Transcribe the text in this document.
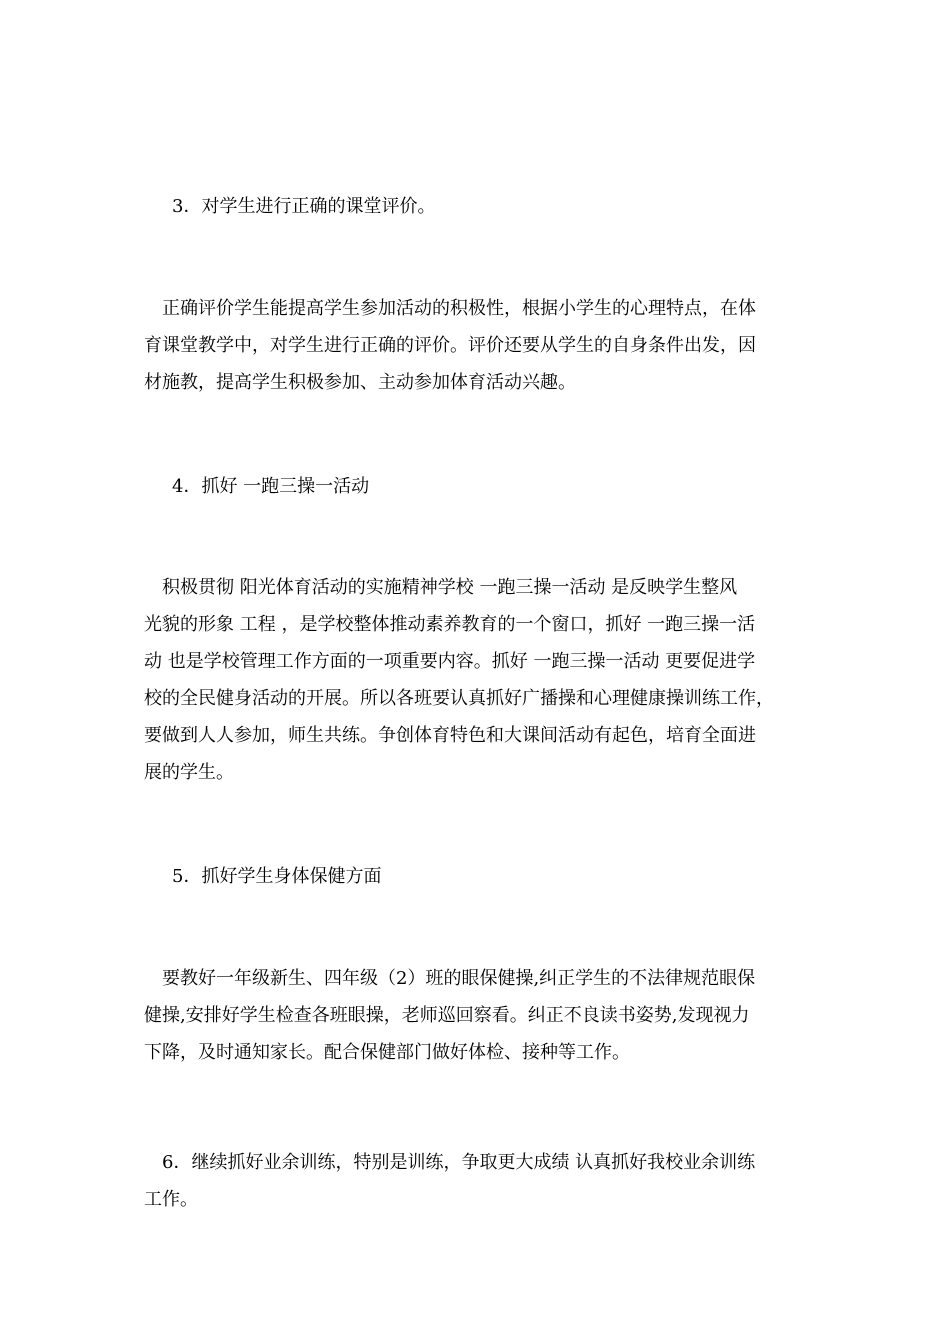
3．对学生进行正确的课堂评价。

　正确评价学生能提高学生参加活动的积极性，根据小学生的心理特点，在体

育课堂教学中，对学生进行正确的评价。评价还要从学生的自身条件出发，因

材施教，提高学生积极参加、主动参加体育活动兴趣。

4．抓好 一跑三操一活动

　积极贯彻 阳光体育活动的实施精神学校 一跑三操一活动 是反映学生整风

光貌的形象 工程 ，是学校整体推动素养教育的一个窗口，抓好 一跑三操一活

动 也是学校管理工作方面的一项重要内容。抓好 一跑三操一活动 更要促进学

校的全民健身活动的开展。所以各班要认真抓好广播操和心理健康操训练工作，

要做到人人参加，师生共练。争创体育特色和大课间活动有起色，培育全面进

展的学生。

5．抓好学生身体保健方面

　要教好一年级新生、四年级（2）班的眼保健操,纠正学生的不法律规范眼保

健操,安排好学生检查各班眼操，老师巡回察看。纠正不良读书姿势,发现视力

下降，及时通知家长。配合保健部门做好体检、接种等工作。

　6．继续抓好业余训练，特别是训练，争取更大成绩 认真抓好我校业余训练

工作。
